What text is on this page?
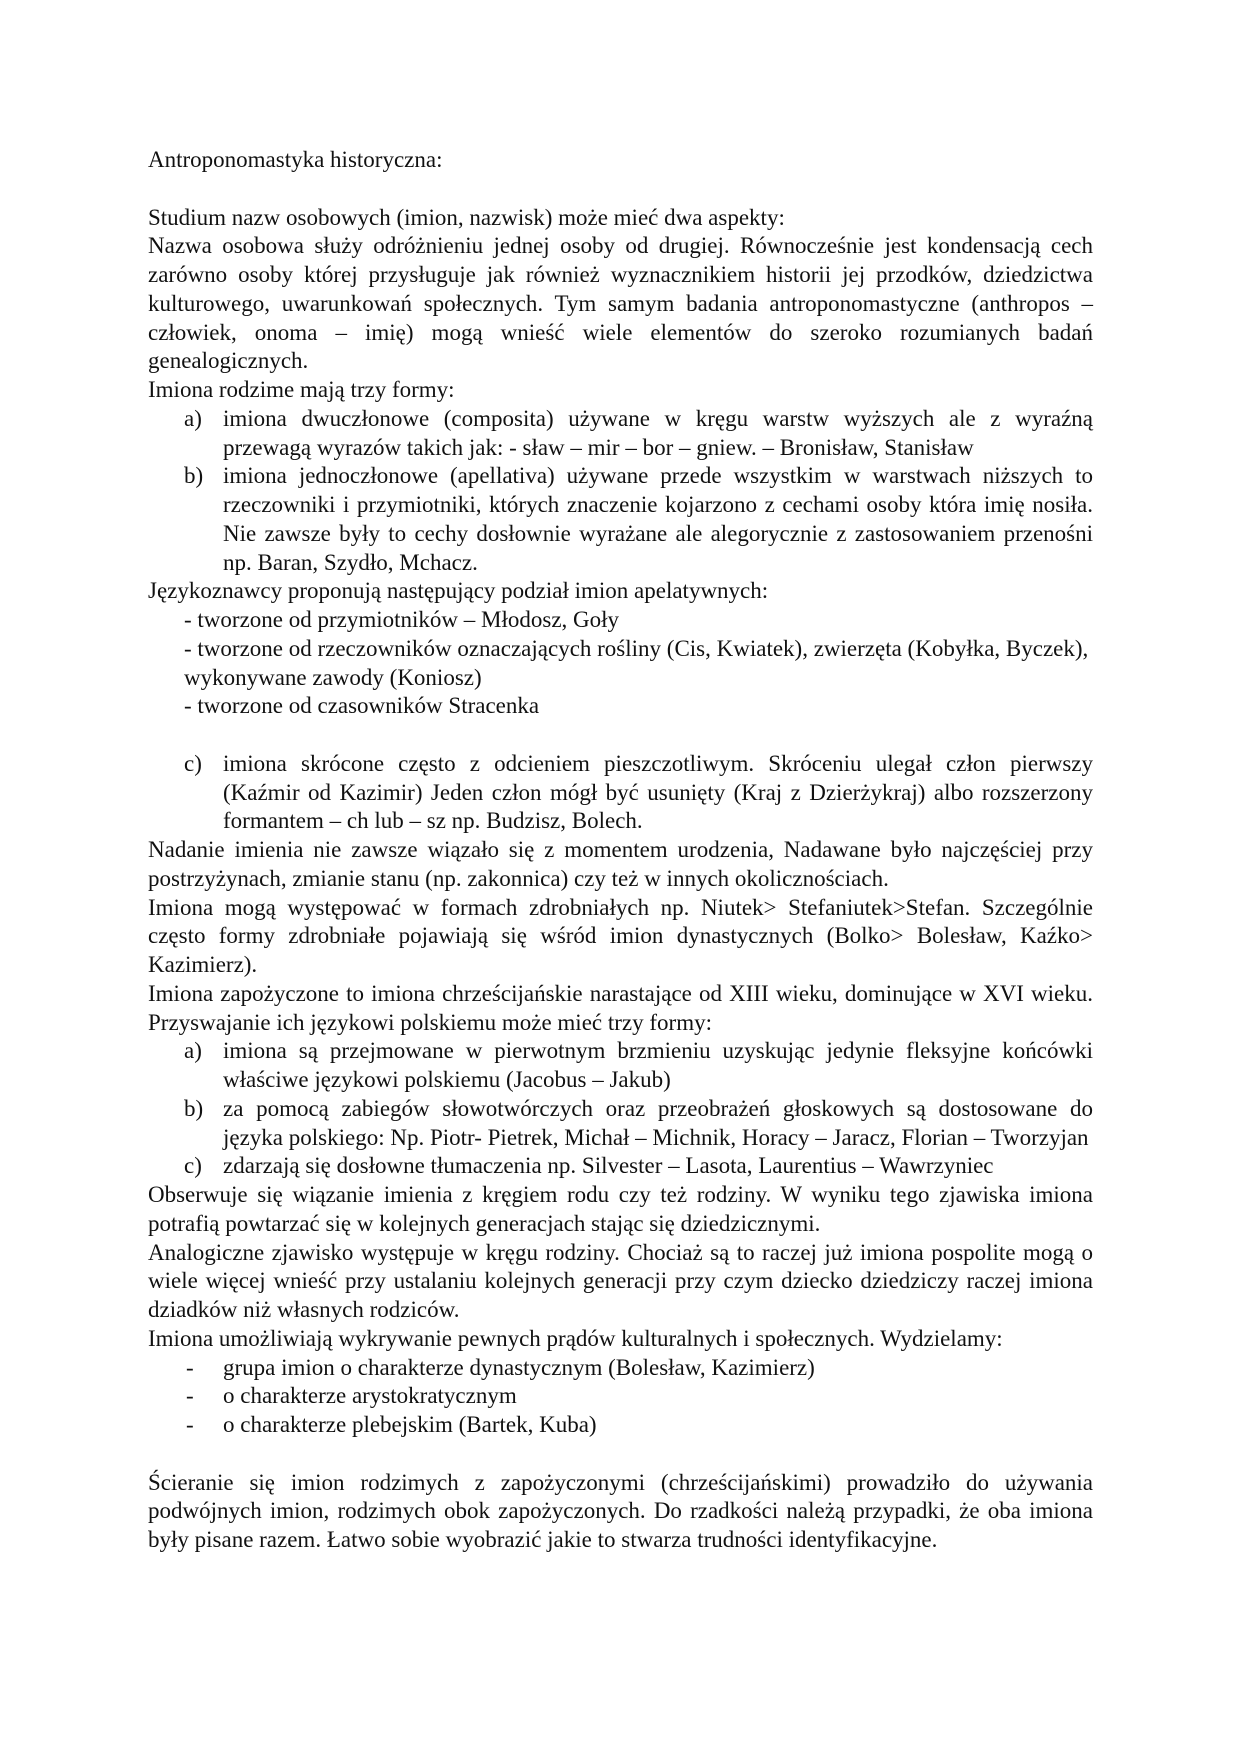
Antroponomastyka historyczna:

Studium nazw osobowych (imion, nazwisk) może mieć dwa aspekty:

Nazwa osobowa służy odróżnieniu jednej osoby od drugiej. Równocześnie jest kondensacją cech zarówno osoby której przysługuje jak również wyznacznikiem historii jej przodków, dziedzictwa kulturowego, uwarunkowań społecznych. Tym samym badania antroponomastyczne (anthropos – człowiek, onoma – imię) mogą wnieść wiele elementów do szeroko rozumianych badań genealogicznych.

Imiona rodzime mają trzy formy:

a) imiona dwuczłonowe (composita) używane w kręgu warstw wyższych ale z wyraźną przewagą wyrazów takich jak: - sław – mir – bor – gniew. – Bronisław, Stanisław
b) imiona jednoczłonowe (apellativa) używane przede wszystkim w warstwach niższych to rzeczowniki i przymiotniki, których znaczenie kojarzono z cechami osoby która imię nosiła. Nie zawsze były to cechy dosłownie wyrażane ale alegorycznie z zastosowaniem przenośni np. Baran, Szydło, Mchacz.

Językoznawcy proponują następujący podział imion apelatywnych:

- tworzone od przymiotników – Młodosz, Goły
- tworzone od rzeczowników oznaczających rośliny (Cis, Kwiatek), zwierzęta (Kobyłka, Byczek), wykonywane zawody (Koniosz)
- tworzone od czasowników Stracenka
c) imiona skrócone często z odcieniem pieszczotliwym. Skróceniu ulegał człon pierwszy (Kaźmir od Kazimir) Jeden człon mógł być usunięty (Kraj z Dzierżykraj) albo rozszerzony formantem – ch lub – sz np. Budzisz, Bolech.

Nadanie imienia nie zawsze wiązało się z momentem urodzenia, Nadawane było najczęściej przy postrzyżynach, zmianie stanu (np. zakonnica) czy też w innych okolicznościach.

Imiona mogą występować w formach zdrobniałych np. Niutek> Stefaniutek>Stefan. Szczególnie często formy zdrobniałe pojawiają się wśród imion dynastycznych (Bolko> Bolesław, Kaźko> Kazimierz).

Imiona zapożyczone to imiona chrześcijańskie narastające od XIII wieku, dominujące w XVI wieku. Przyswajanie ich językowi polskiemu może mieć trzy formy:

a) imiona są przejmowane w pierwotnym brzmieniu uzyskując jedynie fleksyjne końcówki właściwe językowi polskiemu (Jacobus – Jakub)
b) za pomocą zabiegów słowotwórczych oraz przeobrażeń głoskowych są dostosowane do języka polskiego: Np. Piotr- Pietrek, Michał – Michnik, Horacy – Jaracz, Florian – Tworzyjan
c) zdarzają się dosłowne tłumaczenia np. Silvester – Lasota, Laurentius – Wawrzyniec

Obserwuje się wiązanie imienia z kręgiem rodu czy też rodziny. W wyniku tego zjawiska imiona potrafią powtarzać się w kolejnych generacjach stając się dziedzicznymi.

Analogiczne zjawisko występuje w kręgu rodziny. Chociaż są to raczej już imiona pospolite mogą o wiele więcej wnieść przy ustalaniu kolejnych generacji przy czym dziecko dziedziczy raczej imiona dziadków niż własnych rodziców.

Imiona umożliwiają wykrywanie pewnych prądów kulturalnych i społecznych. Wydzielamy:

- grupa imion o charakterze dynastycznym (Bolesław, Kazimierz)
- o charakterze arystokratycznym
- o charakterze plebejskim (Bartek, Kuba)

Ścieranie się imion rodzimych z zapożyczonymi (chrześcijańskimi) prowadziło do używania podwójnych imion, rodzimych obok zapożyczonych. Do rzadkości należą przypadki, że oba imiona były pisane razem. Łatwo sobie wyobrazić jakie to stwarza trudności identyfikacyjne.
